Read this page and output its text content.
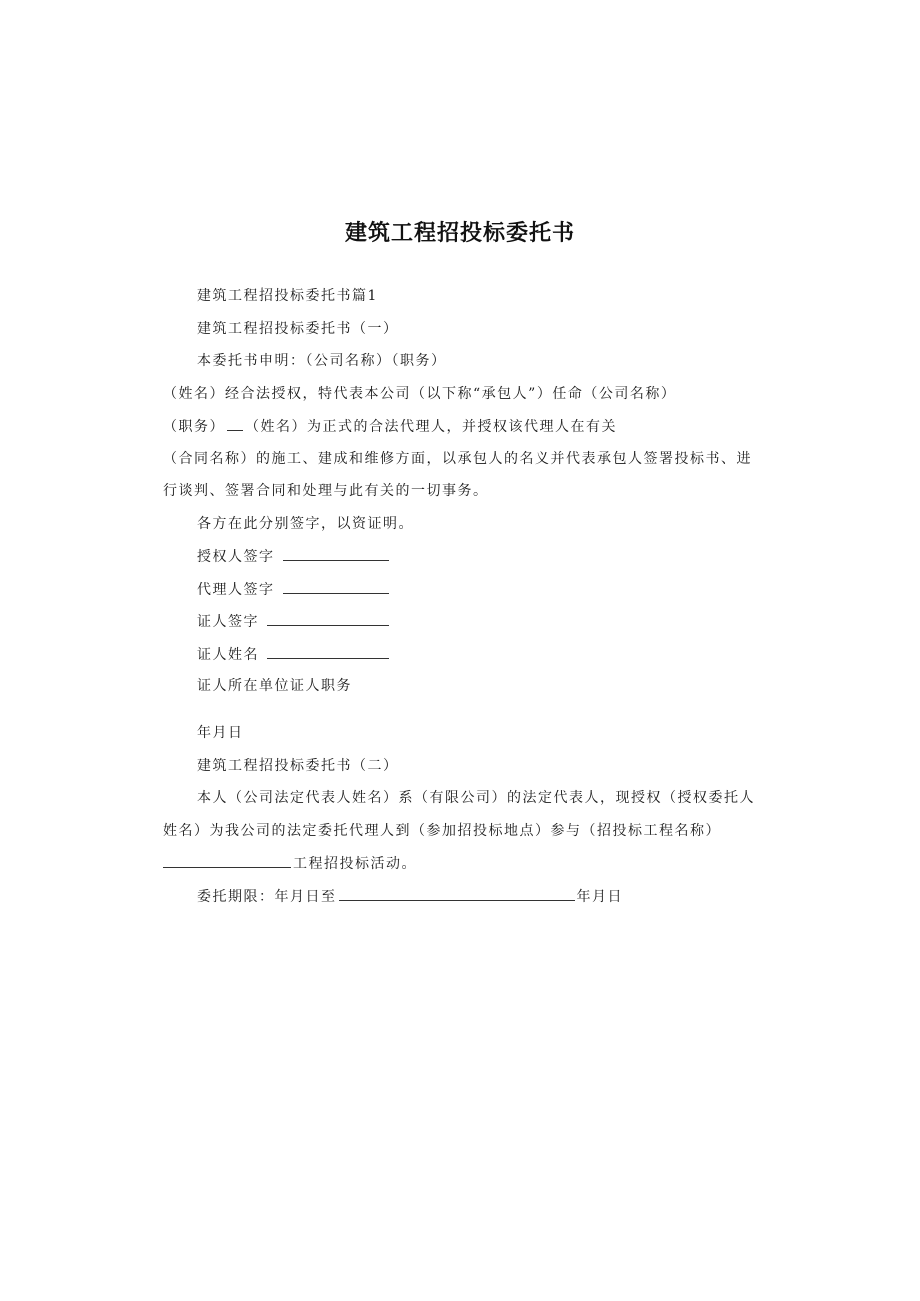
建筑工程招投标委托书
建筑工程招投标委托书篇1
建筑工程招投标委托书（一）
本委托书申明：（公司名称）（职务）
（姓名）经合法授权，特代表本公司（以下称“承包人”）任命（公司名称）
（职务） （姓名）为正式的合法代理人，并授权该代理人在有关
（合同名称）的施工、建成和维修方面，以承包人的名义并代表承包人签署投标书、进
行谈判、签署合同和处理与此有关的一切事务。
各方在此分别签字，以资证明。
授权人签字
代理人签字
证人签字
证人姓名
证人所在单位证人职务
年月日
建筑工程招投标委托书（二）
本人（公司法定代表人姓名）系（有限公司）的法定代表人，现授权（授权委托人
姓名）为我公司的法定委托代理人到（参加招投标地点）参与（招投标工程名称）
工程招投标活动。
委托期限：年月日至	年月日
